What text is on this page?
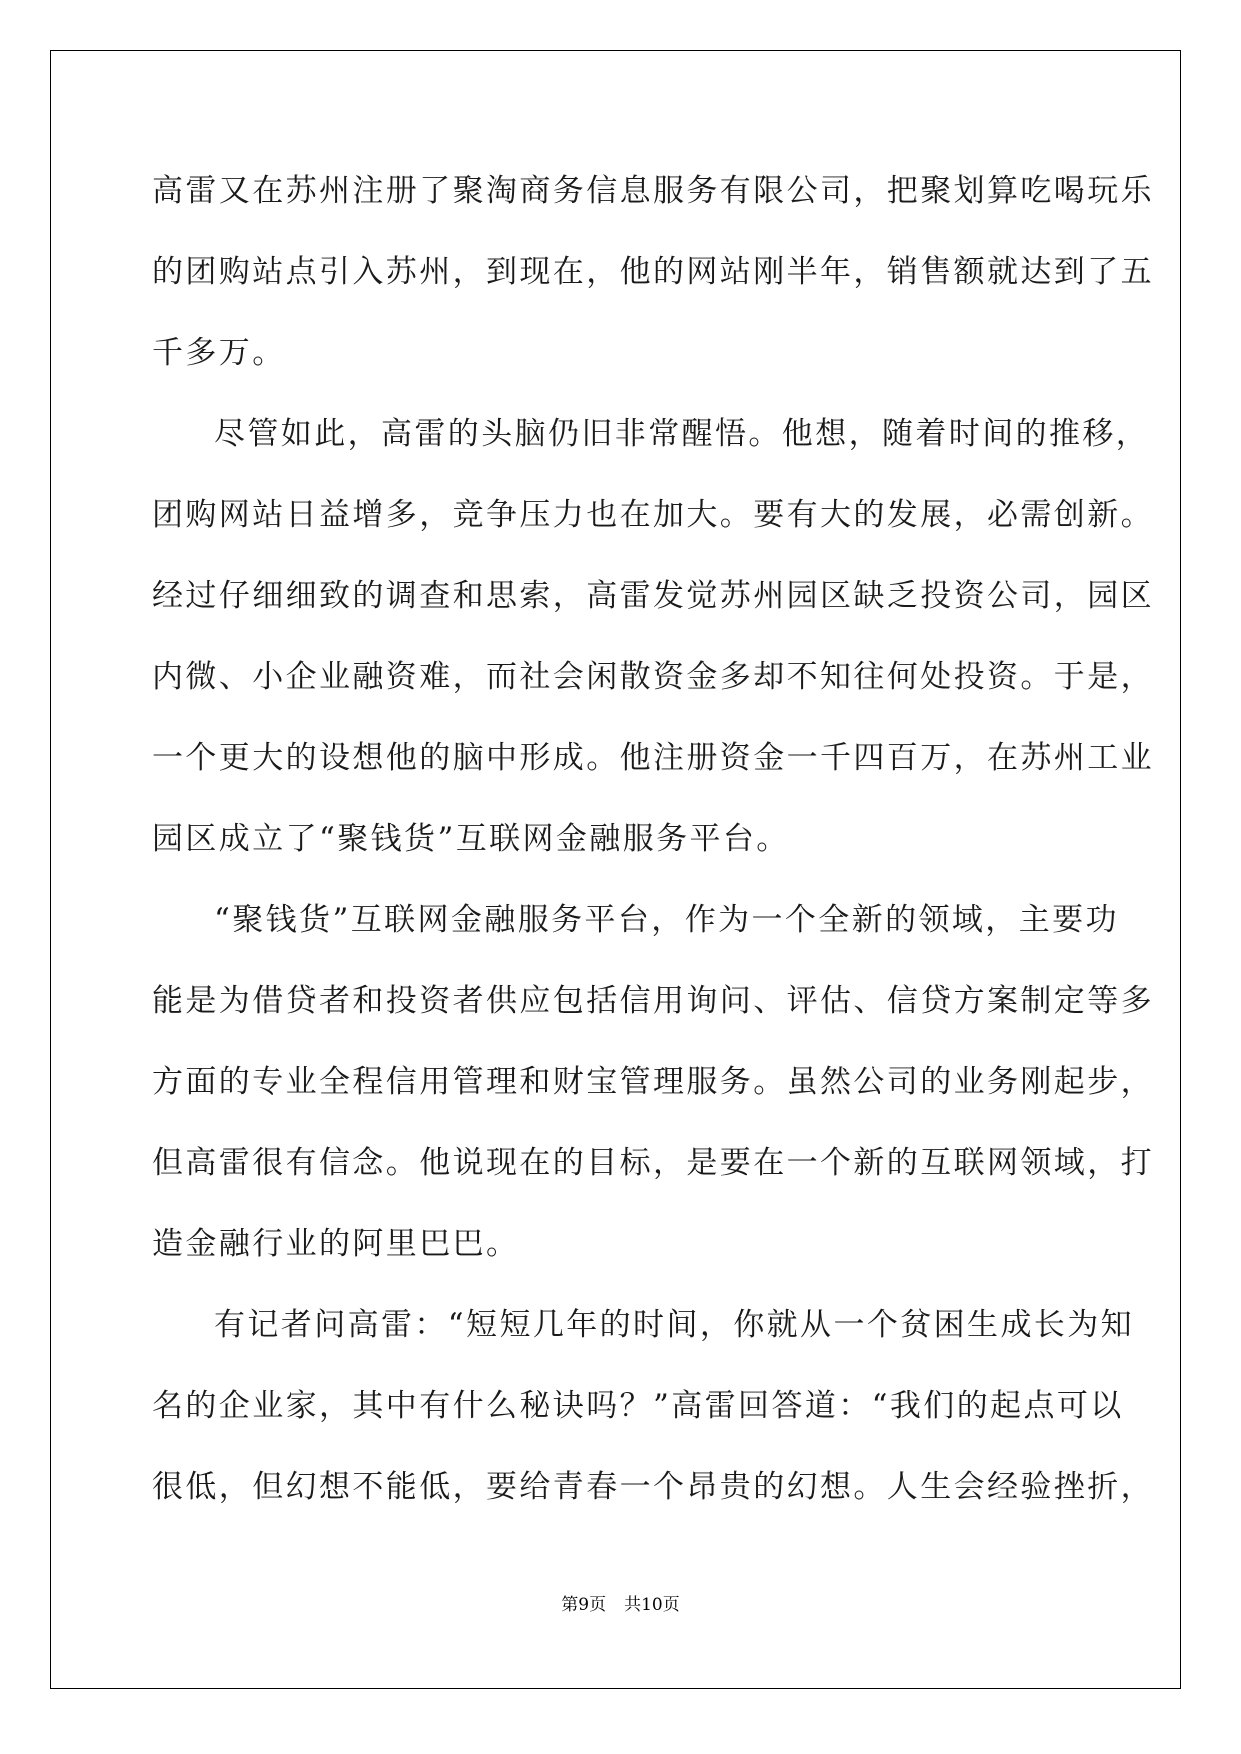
高雷又在苏州注册了聚淘商务信息服务有限公司，把聚划算吃喝玩乐
的团购站点引入苏州，到现在，他的网站刚半年，销售额就达到了五
千多万。
尽管如此，高雷的头脑仍旧非常醒悟。他想，随着时间的推移，
团购网站日益增多，竞争压力也在加大。要有大的发展，必需创新。
经过仔细细致的调查和思索，高雷发觉苏州园区缺乏投资公司，园区
内微、小企业融资难，而社会闲散资金多却不知往何处投资。于是，
一个更大的设想他的脑中形成。他注册资金一千四百万，在苏州工业
园区成立了“聚钱货”互联网金融服务平台。
“聚钱货”互联网金融服务平台，作为一个全新的领域，主要功
能是为借贷者和投资者供应包括信用询问、评估、信贷方案制定等多
方面的专业全程信用管理和财宝管理服务。虽然公司的业务刚起步，
但高雷很有信念。他说现在的目标，是要在一个新的互联网领域，打
造金融行业的阿里巴巴。
有记者问高雷：“短短几年的时间，你就从一个贫困生成长为知
名的企业家，其中有什么秘诀吗？”高雷回答道：“我们的起点可以
很低，但幻想不能低，要给青春一个昂贵的幻想。人生会经验挫折，
第9页 共10页
